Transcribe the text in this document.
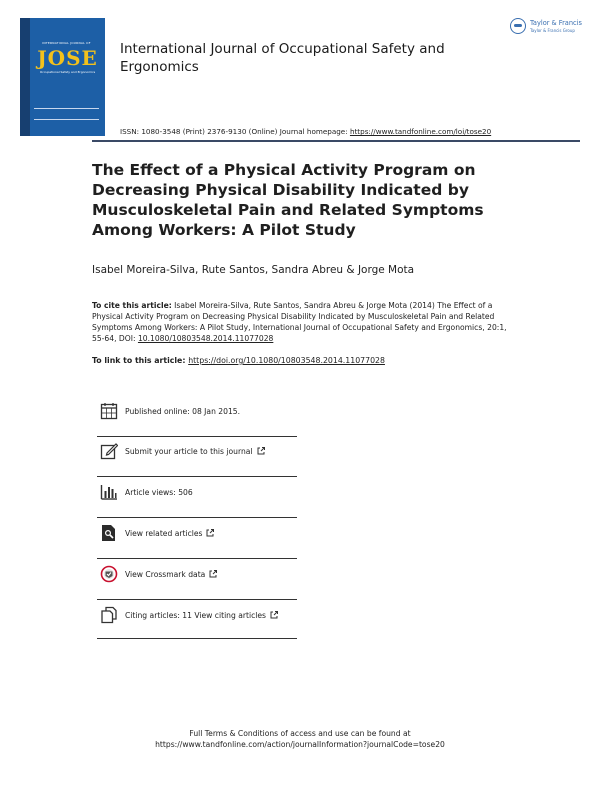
INTERNATIONAL JOURNAL OF
JOSE
Occupational Safety and Ergonomics
International Journal of Occupational Safety and Ergonomics
ISSN: 1080-3548 (Print) 2376-9130 (Online) Journal homepage: https://www.tandfonline.com/loi/tose20
Taylor & Francis
Taylor & Francis Group
The Effect of a Physical Activity Program on Decreasing Physical Disability Indicated by Musculoskeletal Pain and Related Symptoms Among Workers: A Pilot Study
Isabel Moreira-Silva, Rute Santos, Sandra Abreu & Jorge Mota
To cite this article: Isabel Moreira-Silva, Rute Santos, Sandra Abreu & Jorge Mota (2014) The Effect of a Physical Activity Program on Decreasing Physical Disability Indicated by Musculoskeletal Pain and Related Symptoms Among Workers: A Pilot Study, International Journal of Occupational Safety and Ergonomics, 20:1, 55-64, DOI: 10.1080/10803548.2014.11077028
To link to this article: https://doi.org/10.1080/10803548.2014.11077028
Published online: 08 Jan 2015.
Submit your article to this journal
Article views: 506
View related articles
View Crossmark data
Citing articles: 11 View citing articles
Full Terms & Conditions of access and use can be found at
https://www.tandfonline.com/action/journalInformation?journalCode=tose20
